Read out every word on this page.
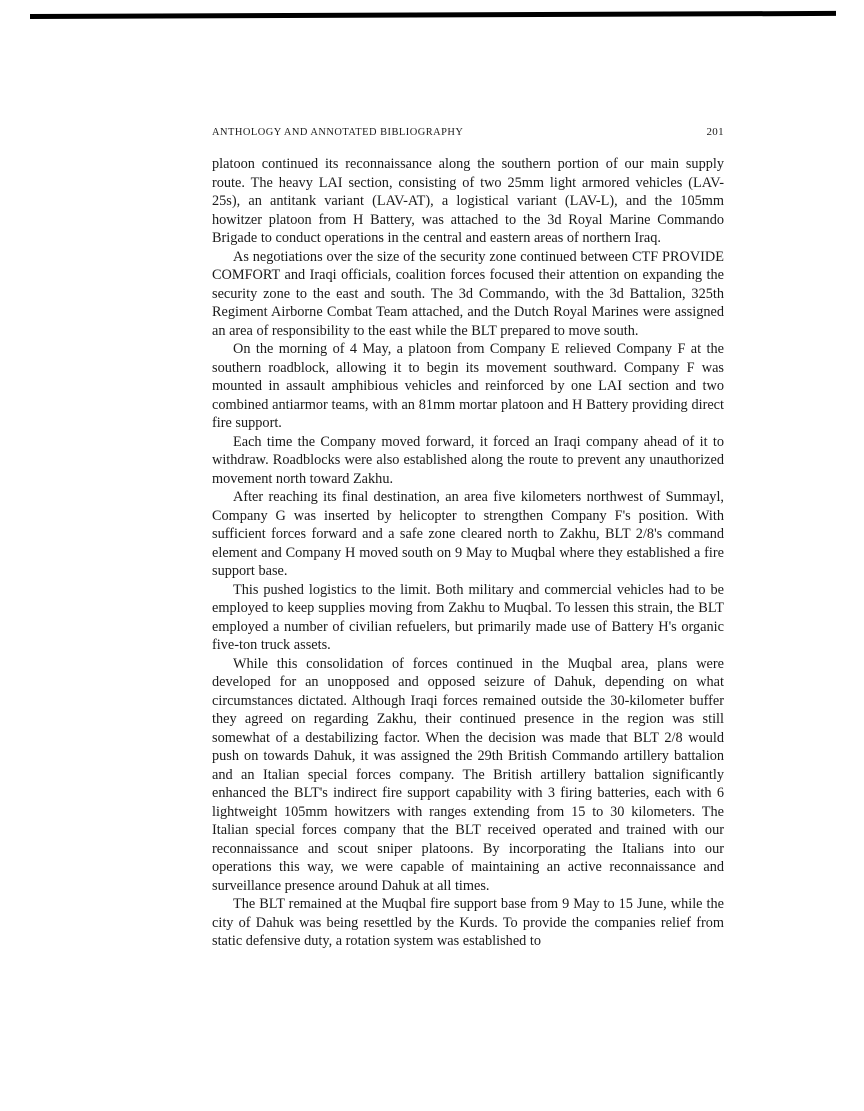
ANTHOLOGY AND ANNOTATED BIBLIOGRAPHY	201

platoon continued its reconnaissance along the southern portion of our main supply route. The heavy LAI section, consisting of two 25mm light armored vehicles (LAV-25s), an antitank variant (LAV-AT), a logistical variant (LAV-L), and the 105mm howitzer platoon from H Battery, was attached to the 3d Royal Marine Commando Brigade to conduct operations in the central and eastern areas of northern Iraq.

As negotiations over the size of the security zone continued between CTF PROVIDE COMFORT and Iraqi officials, coalition forces focused their attention on expanding the security zone to the east and south. The 3d Commando, with the 3d Battalion, 325th Regiment Airborne Combat Team attached, and the Dutch Royal Marines were assigned an area of responsibility to the east while the BLT prepared to move south.

On the morning of 4 May, a platoon from Company E relieved Company F at the southern roadblock, allowing it to begin its movement southward. Company F was mounted in assault amphibious vehicles and reinforced by one LAI section and two combined antiarmor teams, with an 81mm mortar platoon and H Battery providing direct fire support.

Each time the Company moved forward, it forced an Iraqi company ahead of it to withdraw. Roadblocks were also established along the route to prevent any unauthorized movement north toward Zakhu.

After reaching its final destination, an area five kilometers northwest of Summayl, Company G was inserted by helicopter to strengthen Company F's position. With sufficient forces forward and a safe zone cleared north to Zakhu, BLT 2/8's command element and Company H moved south on 9 May to Muqbal where they established a fire support base.

This pushed logistics to the limit. Both military and commercial vehicles had to be employed to keep supplies moving from Zakhu to Muqbal. To lessen this strain, the BLT employed a number of civilian refuelers, but primarily made use of Battery H's organic five-ton truck assets.

While this consolidation of forces continued in the Muqbal area, plans were developed for an unopposed and opposed seizure of Dahuk, depending on what circumstances dictated. Although Iraqi forces remained outside the 30-kilometer buffer they agreed on regarding Zakhu, their continued presence in the region was still somewhat of a destabilizing factor. When the decision was made that BLT 2/8 would push on towards Dahuk, it was assigned the 29th British Commando artillery battalion and an Italian special forces company. The British artillery battalion significantly enhanced the BLT's indirect fire support capability with 3 firing batteries, each with 6 lightweight 105mm howitzers with ranges extending from 15 to 30 kilometers. The Italian special forces company that the BLT received operated and trained with our reconnaissance and scout sniper platoons. By incorporating the Italians into our operations this way, we were capable of maintaining an active reconnaissance and surveillance presence around Dahuk at all times.

The BLT remained at the Muqbal fire support base from 9 May to 15 June, while the city of Dahuk was being resettled by the Kurds. To provide the companies relief from static defensive duty, a rotation system was established to
